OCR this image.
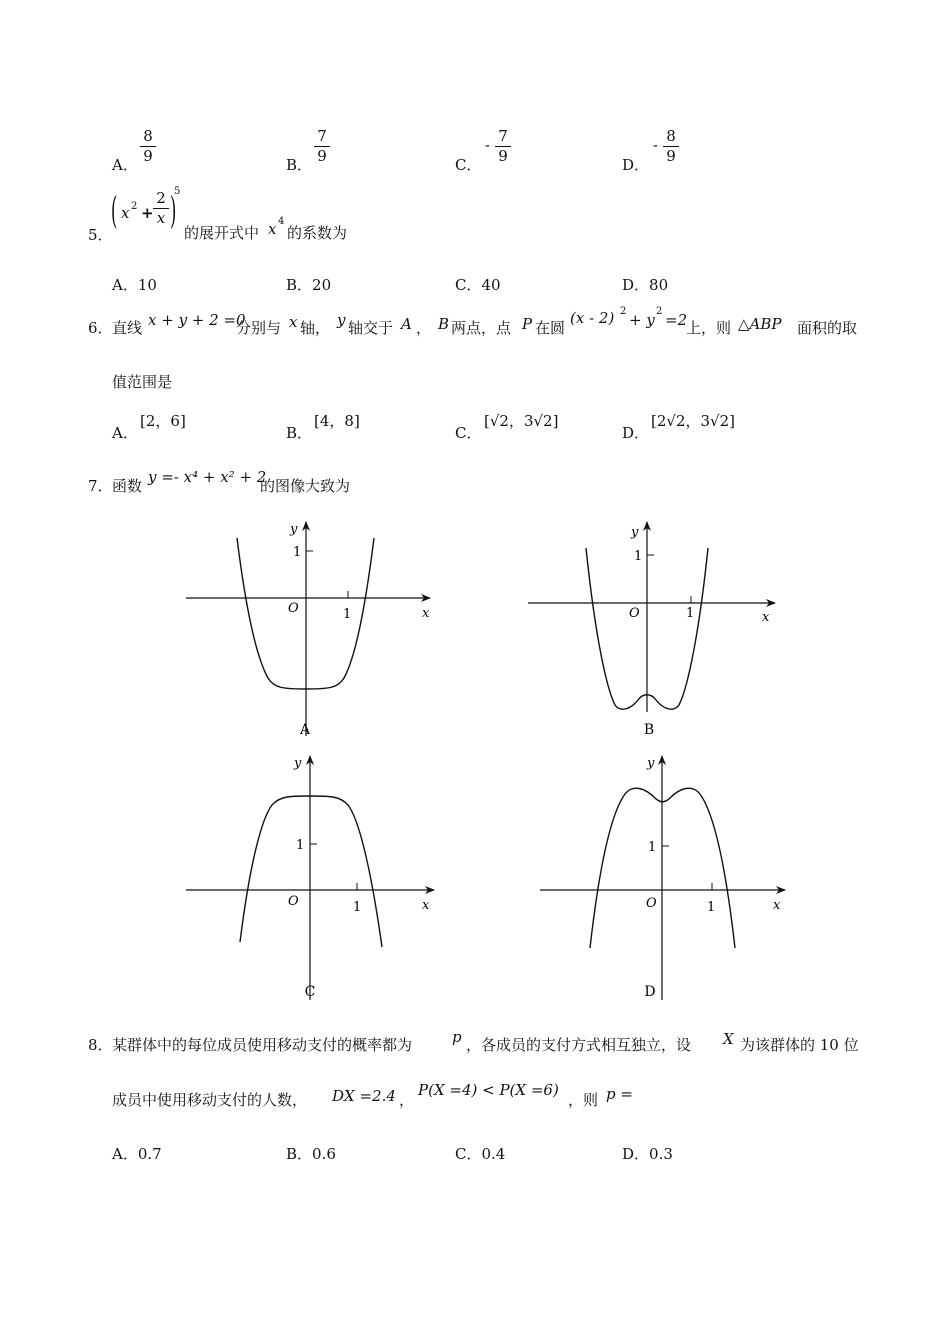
A．
8
9	B．
7
9	C．
- 7
9	D．
- 8
9
5．
( x 2 +
2
x )
5
的展开式中 x 4
的系数为
A．10	B．20	C．40	D．80
6． 直线 x + y + 2 =0
分别与 x 轴， y 轴交于 A ， B 两点，点 P 在圆
(x - 2) 2 + y 2 =2
上，则 △ABP 面积的取
值范围是
A．
[2，6]
B．
[4，8]
C．
[√2，3√2]
D．
[2√2，3√2]
7． 函数 y =- x⁴ + x² + 2
的图像大致为
y
x
O
1
1
A
y
x
O
1
1
B
y
x
O
1
1
C
y
x
O
1
1
D
8． 某群体中的每位成员使用移动支付的概率都为	p ，各成员的支付方式相互独立，设 X 为该群体的 10 位
成员中使用移动支付的人数， DX =2.4 ，
P(X =4) < P(X =6)
，则 p =
A．0.7	B．0.6	C．0.4	D．0.3
